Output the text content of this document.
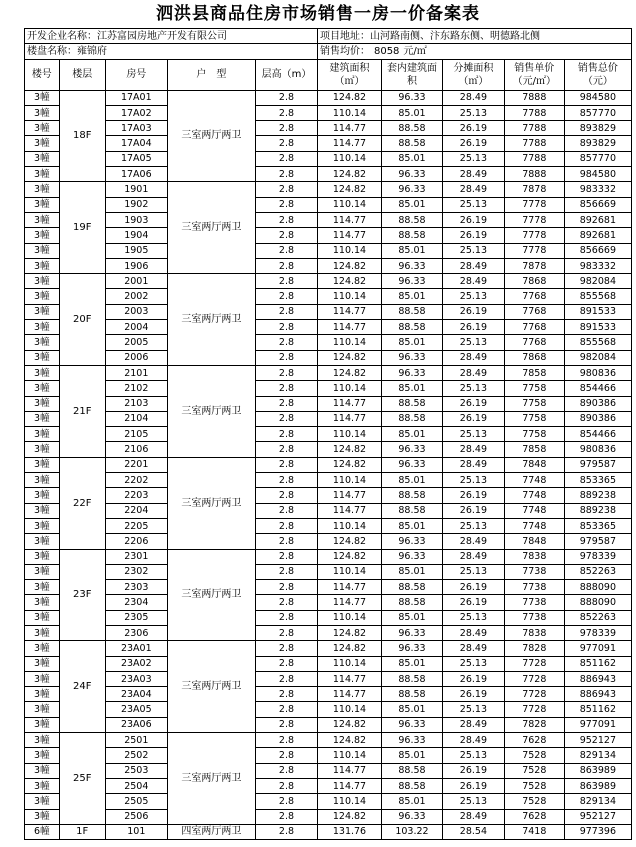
泗洪县商品住房市场销售一房一价备案表
开发企业名称：江苏富园房地产开发有限公司					项目地址：山河路南侧、汴东路东侧、明德路北侧				
楼盘名称：雍锦府					销售均价： 8058 元/㎡				
楼号	楼层	房号	户　型	层高（m）	建筑面积（㎡）	套内建筑面积	分摊面积（㎡）	销售单价（元/㎡）	销售总价（元）
3幢	18F	17A01	三室两厅两卫	2.8	124.82	96.33	28.49	7888	984580
3幢		17A02		2.8	110.14	85.01	25.13	7788	857770
3幢		17A03		2.8	114.77	88.58	26.19	7788	893829
3幢		17A04		2.8	114.77	88.58	26.19	7788	893829
3幢		17A05		2.8	110.14	85.01	25.13	7788	857770
3幢		17A06		2.8	124.82	96.33	28.49	7888	984580
3幢	19F	1901	三室两厅两卫	2.8	124.82	96.33	28.49	7878	983332
3幢		1902		2.8	110.14	85.01	25.13	7778	856669
3幢		1903		2.8	114.77	88.58	26.19	7778	892681
3幢		1904		2.8	114.77	88.58	26.19	7778	892681
3幢		1905		2.8	110.14	85.01	25.13	7778	856669
3幢		1906		2.8	124.82	96.33	28.49	7878	983332
3幢	20F	2001	三室两厅两卫	2.8	124.82	96.33	28.49	7868	982084
3幢		2002		2.8	110.14	85.01	25.13	7768	855568
3幢		2003		2.8	114.77	88.58	26.19	7768	891533
3幢		2004		2.8	114.77	88.58	26.19	7768	891533
3幢		2005		2.8	110.14	85.01	25.13	7768	855568
3幢		2006		2.8	124.82	96.33	28.49	7868	982084
3幢	21F	2101	三室两厅两卫	2.8	124.82	96.33	28.49	7858	980836
3幢		2102		2.8	110.14	85.01	25.13	7758	854466
3幢		2103		2.8	114.77	88.58	26.19	7758	890386
3幢		2104		2.8	114.77	88.58	26.19	7758	890386
3幢		2105		2.8	110.14	85.01	25.13	7758	854466
3幢		2106		2.8	124.82	96.33	28.49	7858	980836
3幢	22F	2201	三室两厅两卫	2.8	124.82	96.33	28.49	7848	979587
3幢		2202		2.8	110.14	85.01	25.13	7748	853365
3幢		2203		2.8	114.77	88.58	26.19	7748	889238
3幢		2204		2.8	114.77	88.58	26.19	7748	889238
3幢		2205		2.8	110.14	85.01	25.13	7748	853365
3幢		2206		2.8	124.82	96.33	28.49	7848	979587
3幢	23F	2301	三室两厅两卫	2.8	124.82	96.33	28.49	7838	978339
3幢		2302		2.8	110.14	85.01	25.13	7738	852263
3幢		2303		2.8	114.77	88.58	26.19	7738	888090
3幢		2304		2.8	114.77	88.58	26.19	7738	888090
3幢		2305		2.8	110.14	85.01	25.13	7738	852263
3幢		2306		2.8	124.82	96.33	28.49	7838	978339
3幢	24F	23A01	三室两厅两卫	2.8	124.82	96.33	28.49	7828	977091
3幢		23A02		2.8	110.14	85.01	25.13	7728	851162
3幢		23A03		2.8	114.77	88.58	26.19	7728	886943
3幢		23A04		2.8	114.77	88.58	26.19	7728	886943
3幢		23A05		2.8	110.14	85.01	25.13	7728	851162
3幢		23A06		2.8	124.82	96.33	28.49	7828	977091
3幢	25F	2501	三室两厅两卫	2.8	124.82	96.33	28.49	7628	952127
3幢		2502		2.8	110.14	85.01	25.13	7528	829134
3幢		2503		2.8	114.77	88.58	26.19	7528	863989
3幢		2504		2.8	114.77	88.58	26.19	7528	863989
3幢		2505		2.8	110.14	85.01	25.13	7528	829134
3幢		2506		2.8	124.82	96.33	28.49	7628	952127
6幢	1F	101	四室两厅两卫	2.8	131.76	103.22	28.54	7418	977396
